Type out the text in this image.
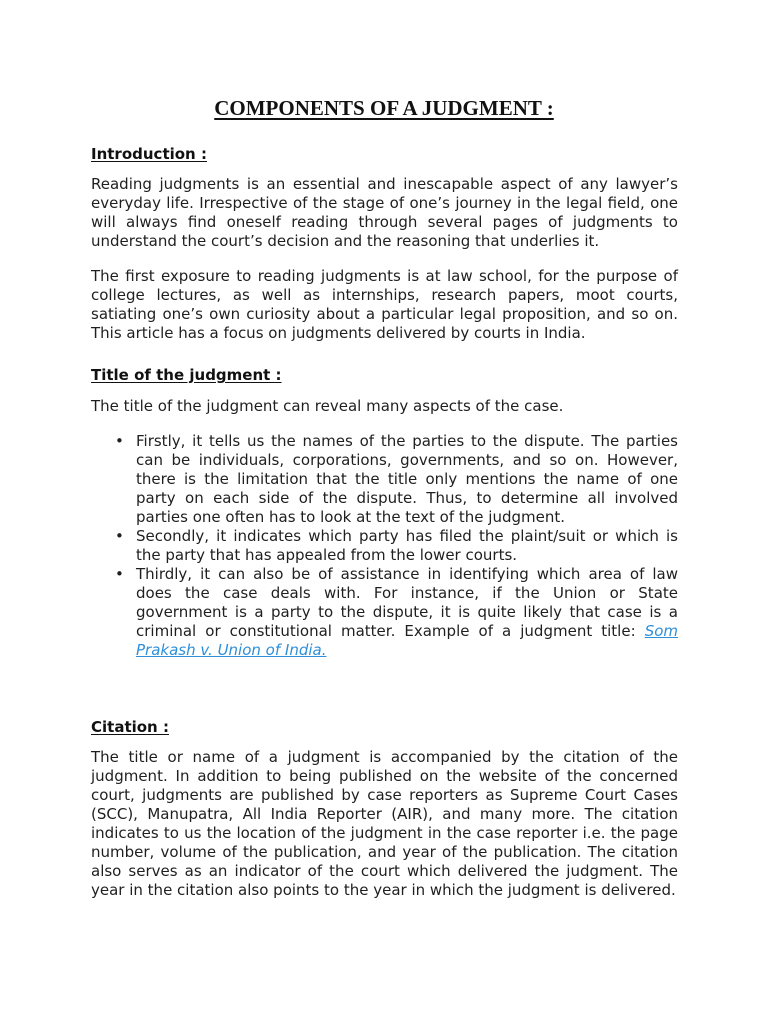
COMPONENTS OF A JUDGMENT :
Introduction :

Reading judgments is an essential and inescapable aspect of any lawyer’s everyday life. Irrespective of the stage of one’s journey in the legal field, one will always find oneself reading through several pages of judgments to understand the court’s decision and the reasoning that underlies it.

The first exposure to reading judgments is at law school, for the purpose of college lectures, as well as internships, research papers, moot courts, satiating one’s own curiosity about a particular legal proposition, and so on. This article has a focus on judgments delivered by courts in India.

Title of the judgment :

The title of the judgment can reveal many aspects of the case.

• Firstly, it tells us the names of the parties to the dispute. The parties can be individuals, corporations, governments, and so on. However, there is the limitation that the title only mentions the name of one party on each side of the dispute. Thus, to determine all involved parties one often has to look at the text of the judgment.
• Secondly, it indicates which party has filed the plaint/suit or which is the party that has appealed from the lower courts.
• Thirdly, it can also be of assistance in identifying which area of law does the case deals with. For instance, if the Union or State government is a party to the dispute, it is quite likely that case is a criminal or constitutional matter. Example of a judgment title: Som Prakash v. Union of India.
Citation :

The title or name of a judgment is accompanied by the citation of the judgment. In addition to being published on the website of the concerned court, judgments are published by case reporters as Supreme Court Cases (SCC), Manupatra, All India Reporter (AIR), and many more. The citation indicates to us the location of the judgment in the case reporter i.e. the page number, volume of the publication, and year of the publication. The citation also serves as an indicator of the court which delivered the judgment. The year in the citation also points to the year in which the judgment is delivered.
